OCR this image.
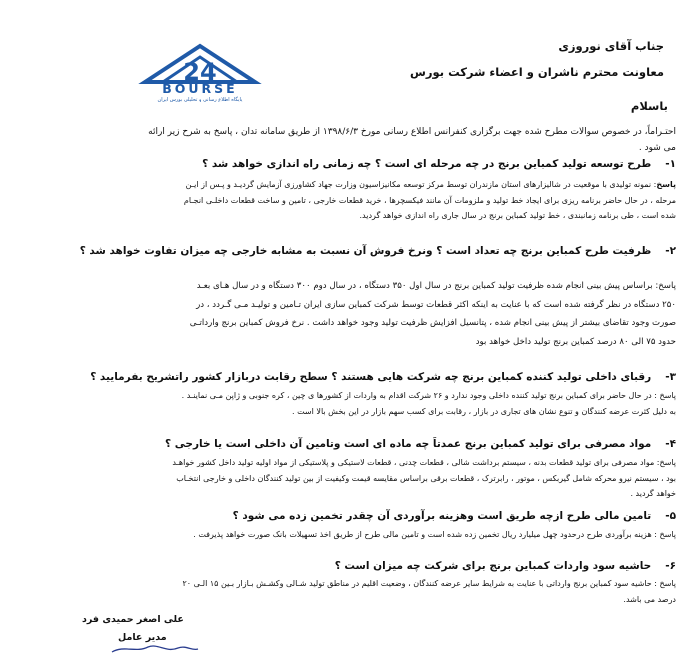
24
BOURSE
پایگاه اطلاع رسانی و تحلیلی بورس ایران
جناب آقای نوروزی
معاونت محترم ناشران و اعضاء شرکت بورس
باسلام
احتـراماً، در خصوص سوالات مطرح شده جهت برگزاری کنفرانس اطلاع رسانی مورخ ۱۳۹۸/۶/۳ از طریق سامانه تدان ، پاسخ به شرح زیر ارائه
می شود .
۱-طرح توسعه تولید کمباین برنج در چه مرحله ای است ؟ چه زمانی راه اندازی خواهد شد ؟
پاسخ: نمونه تولیدی با موقعیت در شالیزارهای استان مازندران توسط مرکز توسعه مکانیزاسیون وزارت جهاد کشاورزی آزمایش گردیـد و پـس از ایـن
مرحله ، در حال حاضر برنامه ریزی برای ایجاد خط تولید و ملزومات آن مانند فیکسچرها ، خرید قطعات خارجی ، تامین و ساخت قطعات داخلـی انجـام
شده است ، طی برنامه زمانبندی ، خط تولید کمباین برنج در سال جاری راه اندازی خواهد گردید.
۲-ظرفیت طرح کمباین برنج چه تعداد است ؟ ونرخ فروش آن نسبت به مشابه خارجی چه میزان تفاوت خواهد شد ؟
پاسخ: براساس پیش بینی انجام شده ظرفیت تولید کمباین برنج در سال اول ۳۵۰ دستگاه ، در سال دوم ۳۰۰ دستگاه و در سال هـای بعـد
۲۵۰ دستگاه در نظر گرفته شده است که با عنایت به اینکه اکثر قطعات توسط شرکت کمباین سازی ایران تـامین و تولیـد مـی گـردد ، در
صورت وجود تقاضای بیشتر از پیش بینی انجام شده ، پتانسیل افزایش ظرفیت تولید وجود خواهد داشت . نرخ فروش کمباین برنج وارداتـی
حدود ۷۵ الی ۸۰ درصد کمباین برنج تولید داخل خواهد بود
۳-رقبای داخلی تولید کننده کمباین برنج چه شرکت هایی هستند ؟ سطح رقابت دربازار کشور راتشریح بفرمایید ؟
پاسخ : در حال حاضر برای کمباین برنج تولید کننده داخلی وجود ندارد و ۲۶ شرکت اقدام به واردات از کشورها ی چین ، کره جنوبی و ژاپن مـی نماینـد .
به دلیل کثرت عرضه کنندگان و تنوع نشان های تجاری در بازار ، رقابت برای کسب سهم بازار در این بخش بالا است .
۴-مواد مصرفی برای تولید کمباین برنج عمدتاً چه ماده ای است وتامین آن داخلی است یا خارجی ؟
پاسخ: مواد مصرفی برای تولید قطعات بدنه ، سیستم برداشت شالی ، قطعات چدنی ، قطعات لاستیکی و پلاستیکی از مواد اولیه تولید داخل کشور خواهـد
بود ، سیستم نیرو محرکه شامل گیربکس ، موتور ، رابرترک ، قطعات برقی براساس مقایسه قیمت وکیفیت از بین تولید کنندگان داخلی و خارجی انتخـاب
خواهد گردید .
۵-تامین مالی طرح ازچه طریق است وهزینه برآوردی آن چقدر تخمین زده می شود ؟
پاسخ : هزینه برآوردی طرح درحدود چهل میلیارد ریال تخمین زده شده است و تامین مالی طرح از طریق اخذ تسهیلات بانک صورت خواهد پذیرفت .
۶-حاشیه سود واردات کمباین برنج برای شرکت چه میزان است ؟
پاسخ : حاشیه سود کمباین برنج وارداتی با عنایت به شرایط سایر عرضه کنندگان ، وضعیت اقلیم در مناطق تولید شـالی وکشـش بـازار بـین ۱۵ الـی ۲۰
درصد می باشد.
علی اصغر حمیدی فرد
مدیر عامل
